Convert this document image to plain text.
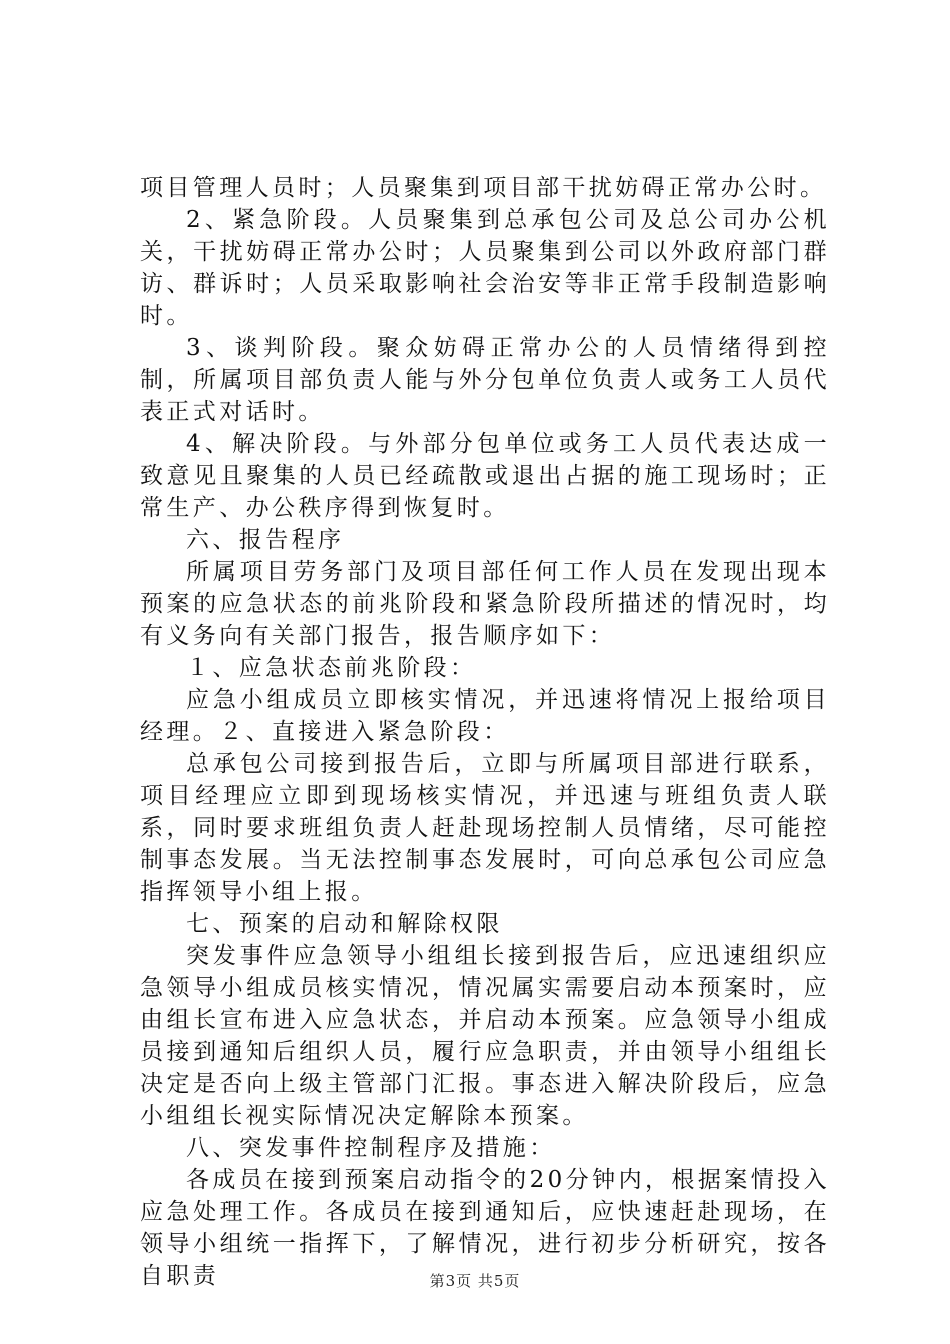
项目管理人员时；人员聚集到项目部干扰妨碍正常办公时。

2、紧急阶段。人员聚集到总承包公司及总公司办公机关，干扰妨碍正常办公时；人员聚集到公司以外政府部门群访、群诉时；人员采取影响社会治安等非正常手段制造影响时。

3、谈判阶段。聚众妨碍正常办公的人员情绪得到控制，所属项目部负责人能与外分包单位负责人或务工人员代表正式对话时。

4、解决阶段。与外部分包单位或务工人员代表达成一致意见且聚集的人员已经疏散或退出占据的施工现场时；正常生产、办公秩序得到恢复时。

六、报告程序

所属项目劳务部门及项目部任何工作人员在发现出现本预案的应急状态的前兆阶段和紧急阶段所描述的情况时，均有义务向有关部门报告，报告顺序如下：

１、应急状态前兆阶段：

应急小组成员立即核实情况，并迅速将情况上报给项目经理。２、直接进入紧急阶段：

总承包公司接到报告后，立即与所属项目部进行联系，项目经理应立即到现场核实情况，并迅速与班组负责人联系，同时要求班组负责人赶赴现场控制人员情绪，尽可能控制事态发展。当无法控制事态发展时，可向总承包公司应急指挥领导小组上报。

七、预案的启动和解除权限

突发事件应急领导小组组长接到报告后，应迅速组织应急领导小组成员核实情况，情况属实需要启动本预案时，应由组长宣布进入应急状态，并启动本预案。应急领导小组成员接到通知后组织人员，履行应急职责，并由领导小组组长决定是否向上级主管部门汇报。事态进入解决阶段后，应急小组组长视实际情况决定解除本预案。

八、突发事件控制程序及措施：

各成员在接到预案启动指令的20分钟内，根据案情投入应急处理工作。各成员在接到通知后，应快速赶赴现场，在领导小组统一指挥下，了解情况，进行初步分析研究，按各自职责	第3页 共5页
